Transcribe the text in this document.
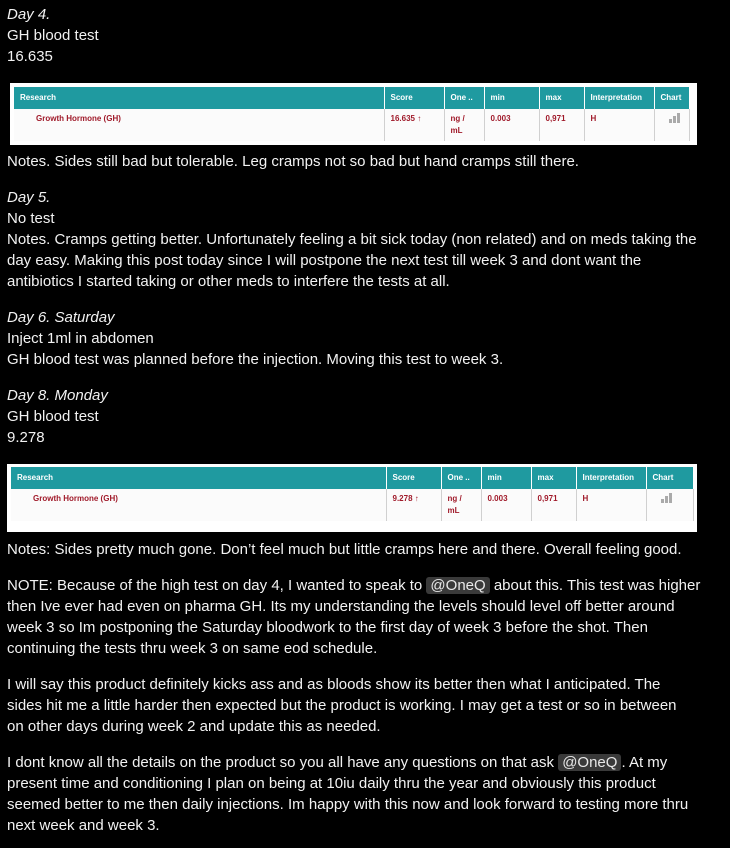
Day 4.
GH blood test
16.635
Research	Score	One ..	min	max	Interpretation	Chart
Growth Hormone (GH)	16.635 ↑	ng / mL	0.003	0,971	H	
Notes. Sides still bad but tolerable. Leg cramps not so bad but hand cramps still there.
Day 5.
No test
Notes. Cramps getting better. Unfortunately feeling a bit sick today (non related) and on meds taking the
day easy. Making this post today since I will postpone the next test till week 3 and dont want the
antibiotics I started taking or other meds to interfere the tests at all.
Day 6. Saturday
Inject 1ml in abdomen
GH blood test was planned before the injection. Moving this test to week 3.
Day 8. Monday
GH blood test
9.278
Research	Score	One ..	min	max	Interpretation	Chart
Growth Hormone (GH)	9.278 ↑	ng / mL	0.003	0,971	H	
Notes: Sides pretty much gone. Don’t feel much but little cramps here and there. Overall feeling good.
NOTE: Because of the high test on day 4, I wanted to speak to @OneQ about this. This test was higher
then Ive ever had even on pharma GH. Its my understanding the levels should level off better around
week 3 so Im postponing the Saturday bloodwork to the first day of week 3 before the shot. Then
continuing the tests thru week 3 on same eod schedule.
I will say this product definitely kicks ass and as bloods show its better then what I anticipated. The
sides hit me a little harder then expected but the product is working. I may get a test or so in between
on other days during week 2 and update this as needed.
I dont know all the details on the product so you all have any questions on that ask @OneQ . At my
present time and conditioning I plan on being at 10iu daily thru the year and obviously this product
seemed better to me then daily injections. Im happy with this now and look forward to testing more thru
next week and week 3.
